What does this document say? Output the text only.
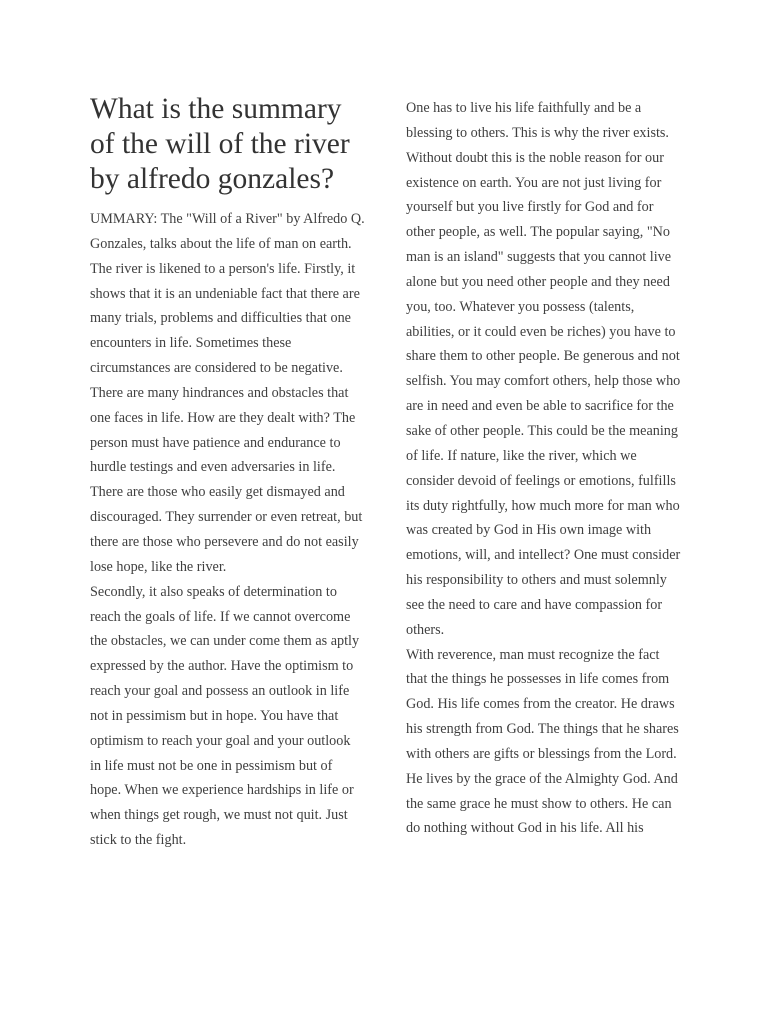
What is the summary of the will of the river by alfredo gonzales?

UMMARY: The "Will of a River" by Alfredo Q. Gonzales, talks about the life of man on earth. The river is likened to a person's life. Firstly, it shows that it is an undeniable fact that there are many trials, problems and difficulties that one encounters in life. Sometimes these circumstances are considered to be negative. There are many hindrances and obstacles that one faces in life. How are they dealt with? The person must have patience and endurance to hurdle testings and even adversaries in life. There are those who easily get dismayed and discouraged. They surrender or even retreat, but there are those who persevere and do not easily lose hope, like the river.

Secondly, it also speaks of determination to reach the goals of life. If we cannot overcome the obstacles, we can under come them as aptly expressed by the author. Have the optimism to reach your goal and possess an outlook in life not in pessimism but in hope. You have that optimism to reach your goal and your outlook in life must not be one in pessimism but of hope. When we experience hardships in life or when things get rough, we must not quit. Just stick to the fight.

One has to live his life faithfully and be a blessing to others. This is why the river exists. Without doubt this is the noble reason for our existence on earth. You are not just living for yourself but you live firstly for God and for other people, as well. The popular saying, "No man is an island" suggests that you cannot live alone but you need other people and they need you, too. Whatever you possess (talents, abilities, or it could even be riches) you have to share them to other people. Be generous and not selfish. You may comfort others, help those who are in need and even be able to sacrifice for the sake of other people. This could be the meaning of life. If nature, like the river, which we consider devoid of feelings or emotions, fulfills its duty rightfully, how much more for man who was created by God in His own image with emotions, will, and intellect? One must consider his responsibility to others and must solemnly see the need to care and have compassion for others.

With reverence, man must recognize the fact that the things he possesses in life comes from God. His life comes from the creator. He draws his strength from God. The things that he shares with others are gifts or blessings from the Lord. He lives by the grace of the Almighty God. And the same grace he must show to others. He can do nothing without God in his life. All his
